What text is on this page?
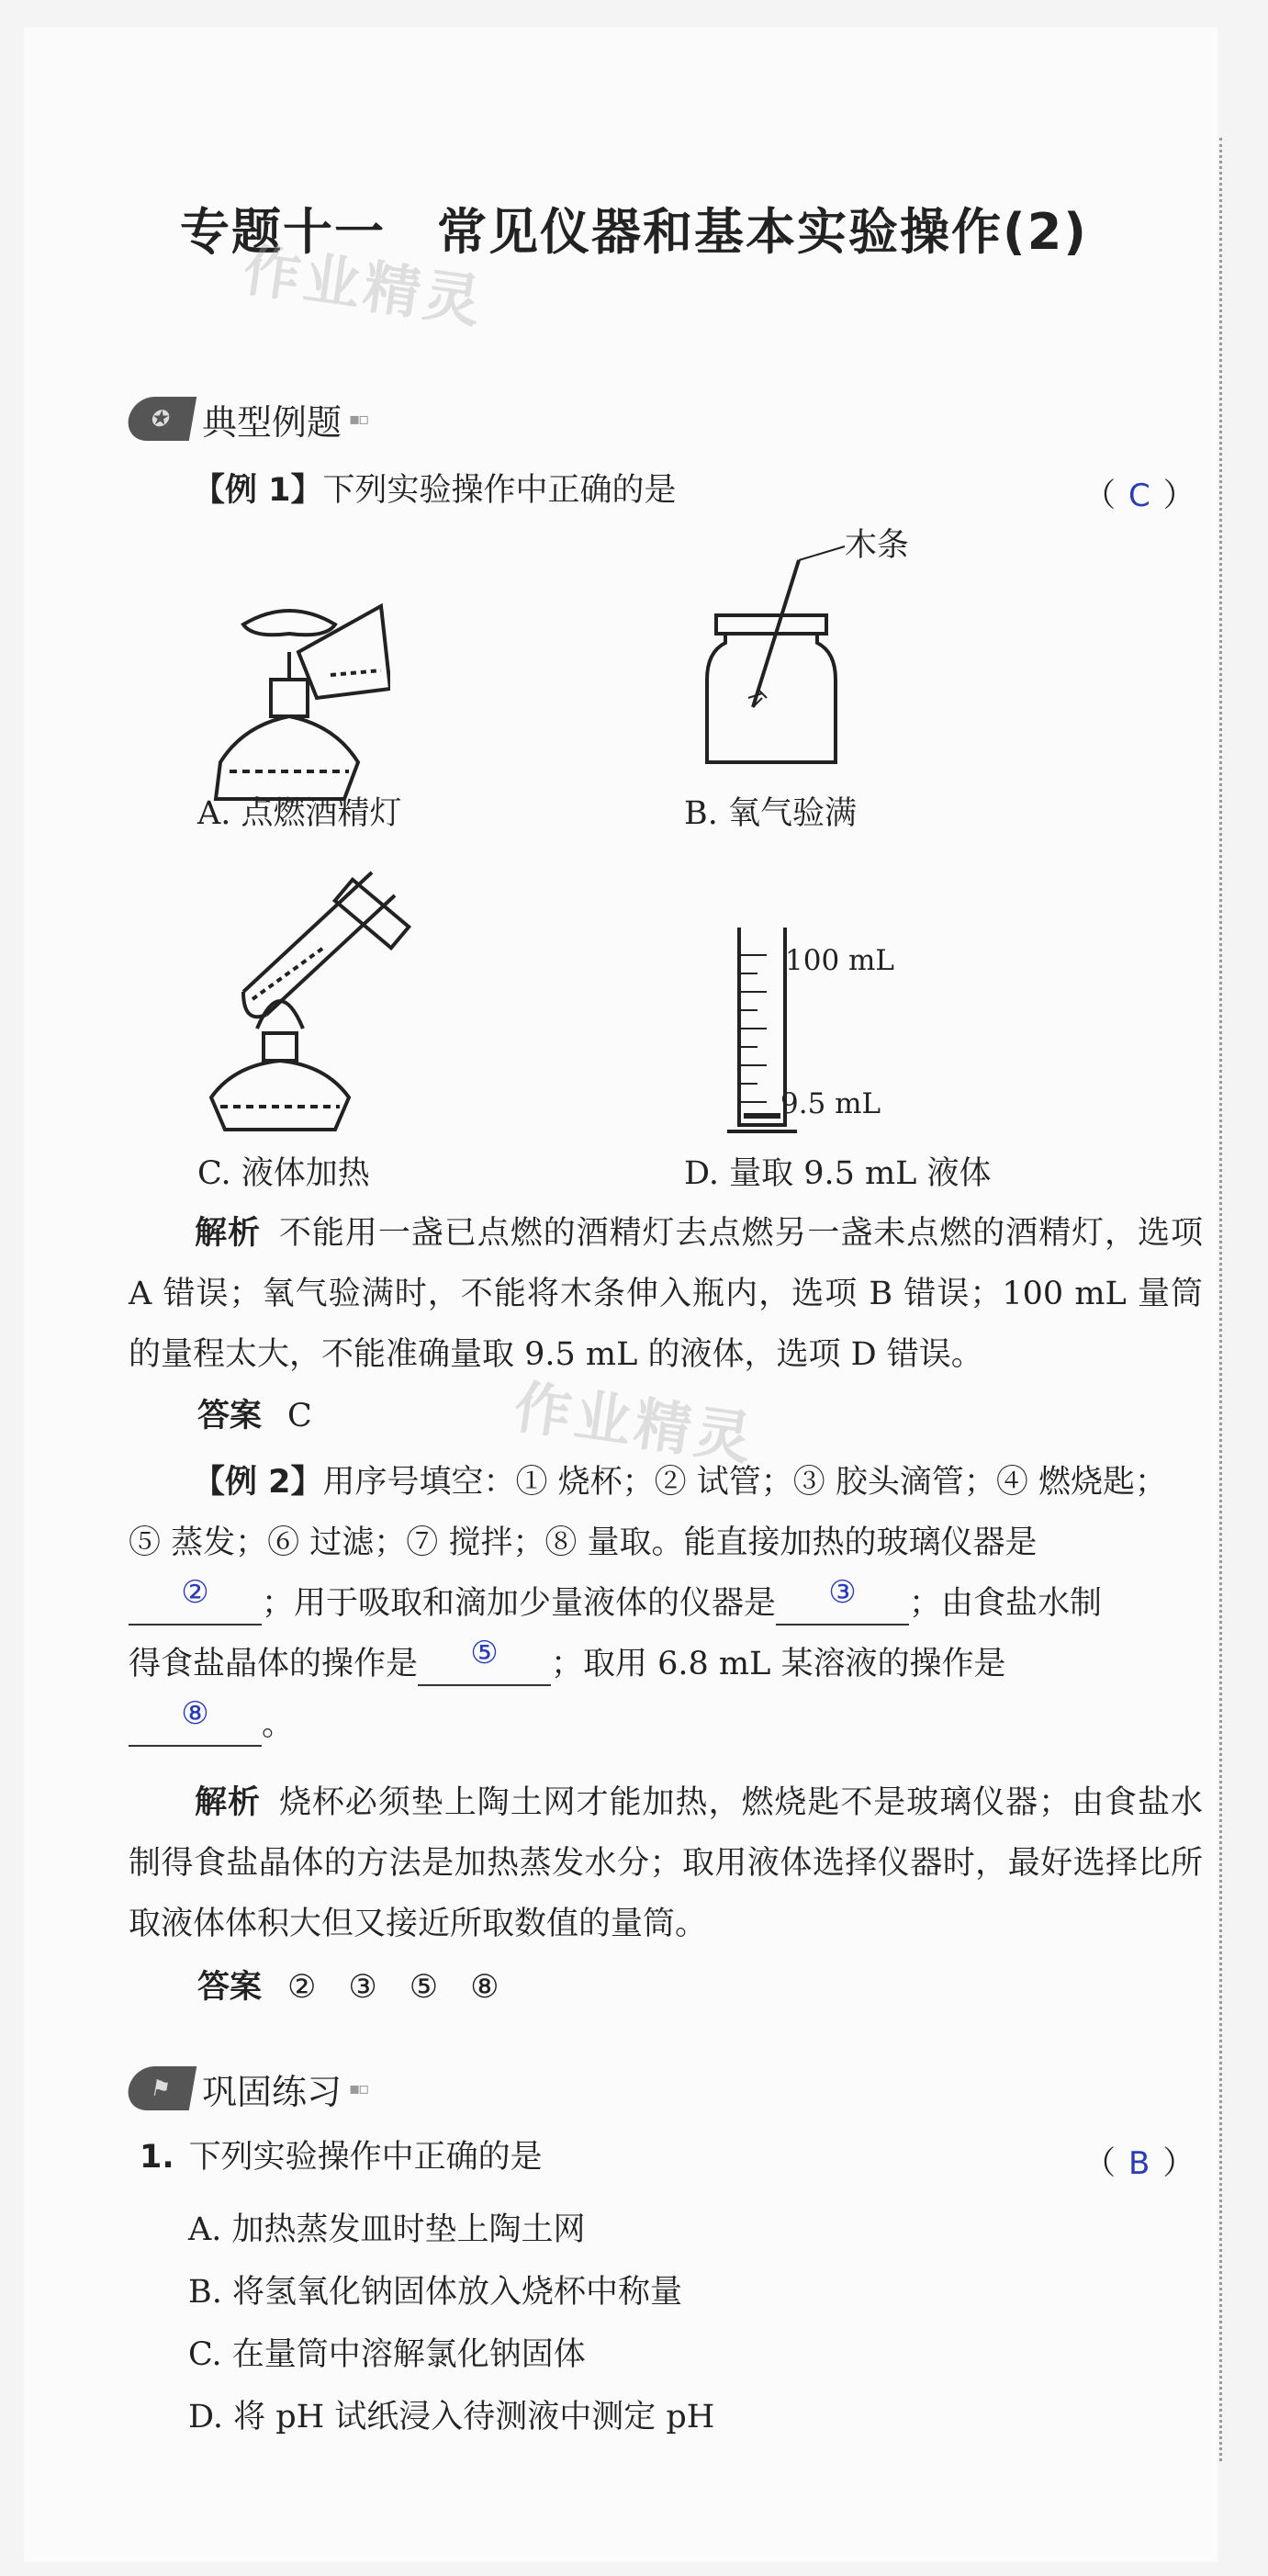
专题十一　常见仪器和基本实验操作(2)
作业精灵
作业精灵
✪ 典型例题 ▪▫
【例 1】下列实验操作中正确的是	（ C ）
木条
A. 点燃酒精灯	B. 氧气验满
100 mL
9.5 mL
C. 液体加热	D. 量取 9.5 mL 液体
解析 不能用一盏已点燃的酒精灯去点燃另一盏未点燃的酒精灯，选项 A 错误；氧气验满时，不能将木条伸入瓶内，选项 B 错误；100 mL 量筒的量程太大，不能准确量取 9.5 mL 的液体，选项 D 错误。
答案 C
【例 2】用序号填空：① 烧杯；② 试管；③ 胶头滴管；④ 燃烧匙；
⑤ 蒸发；⑥ 过滤；⑦ 搅拌；⑧ 量取。能直接加热的玻璃仪器是
②	；用于吸取和滴加少量液体的仪器是	③	；由食盐水制
得食盐晶体的操作是	⑤	；取用 6.8 mL 某溶液的操作是
⑧	。
解析 烧杯必须垫上陶土网才能加热，燃烧匙不是玻璃仪器；由食盐水制得食盐晶体的方法是加热蒸发水分；取用液体选择仪器时，最好选择比所取液体体积大但又接近所取数值的量筒。
答案 ②　③　⑤　⑧
⚑ 巩固练习 ▪▫
1. 下列实验操作中正确的是	（ B ）
A. 加热蒸发皿时垫上陶土网
B. 将氢氧化钠固体放入烧杯中称量
C. 在量筒中溶解氯化钠固体
D. 将 pH 试纸浸入待测液中测定 pH
